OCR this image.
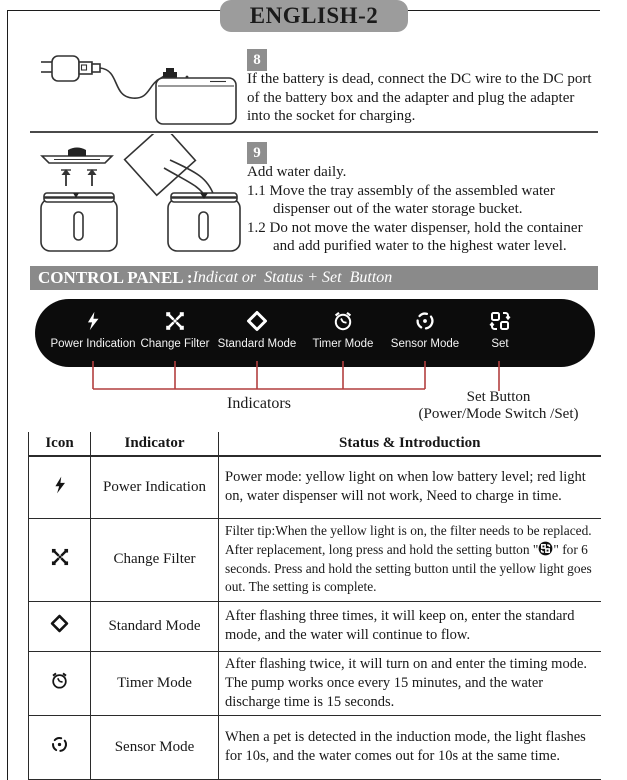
ENGLISH-2
8
If the battery is dead, connect the DC wire to the DC port of the battery box and the adapter and plug the adapter into the socket for charging.
9
Add water daily.
1.1 Move the tray assembly of the assembled water dispenser out of the water storage bucket.
1.2 Do not move the water dispenser, hold the container and add purified water to the highest water level.
CONTROL PANEL : Indicat or  Status + Set  Button
Power Indication Change Filter Standard Mode	Timer Mode	Sensor Mode	Set
Indicators	Set Button
(Power/Mode Switch /Set)
Icon	Indicator	Status & Introduction
	Power Indication	Power mode: yellow light on when low battery level; red light on, water dispenser will not work, Need to charge in time.
	Change Filter	Filter tip:When the yellow light is on, the filter needs to be replaced. After replacement, long press and hold the setting button " " for 6 seconds. Press and hold the setting button until the yellow light goes out. The setting is complete.
	Standard Mode	After flashing three times, it will keep on, enter the standard mode, and the water will continue to flow.
	Timer Mode	After flashing twice, it will turn on and enter the timing mode. The pump works once every 15 minutes, and the water discharge time is 15 seconds.
	Sensor Mode	When a pet is detected in the induction mode, the light flashes for 10s, and the water comes out for 10s at the same time.
